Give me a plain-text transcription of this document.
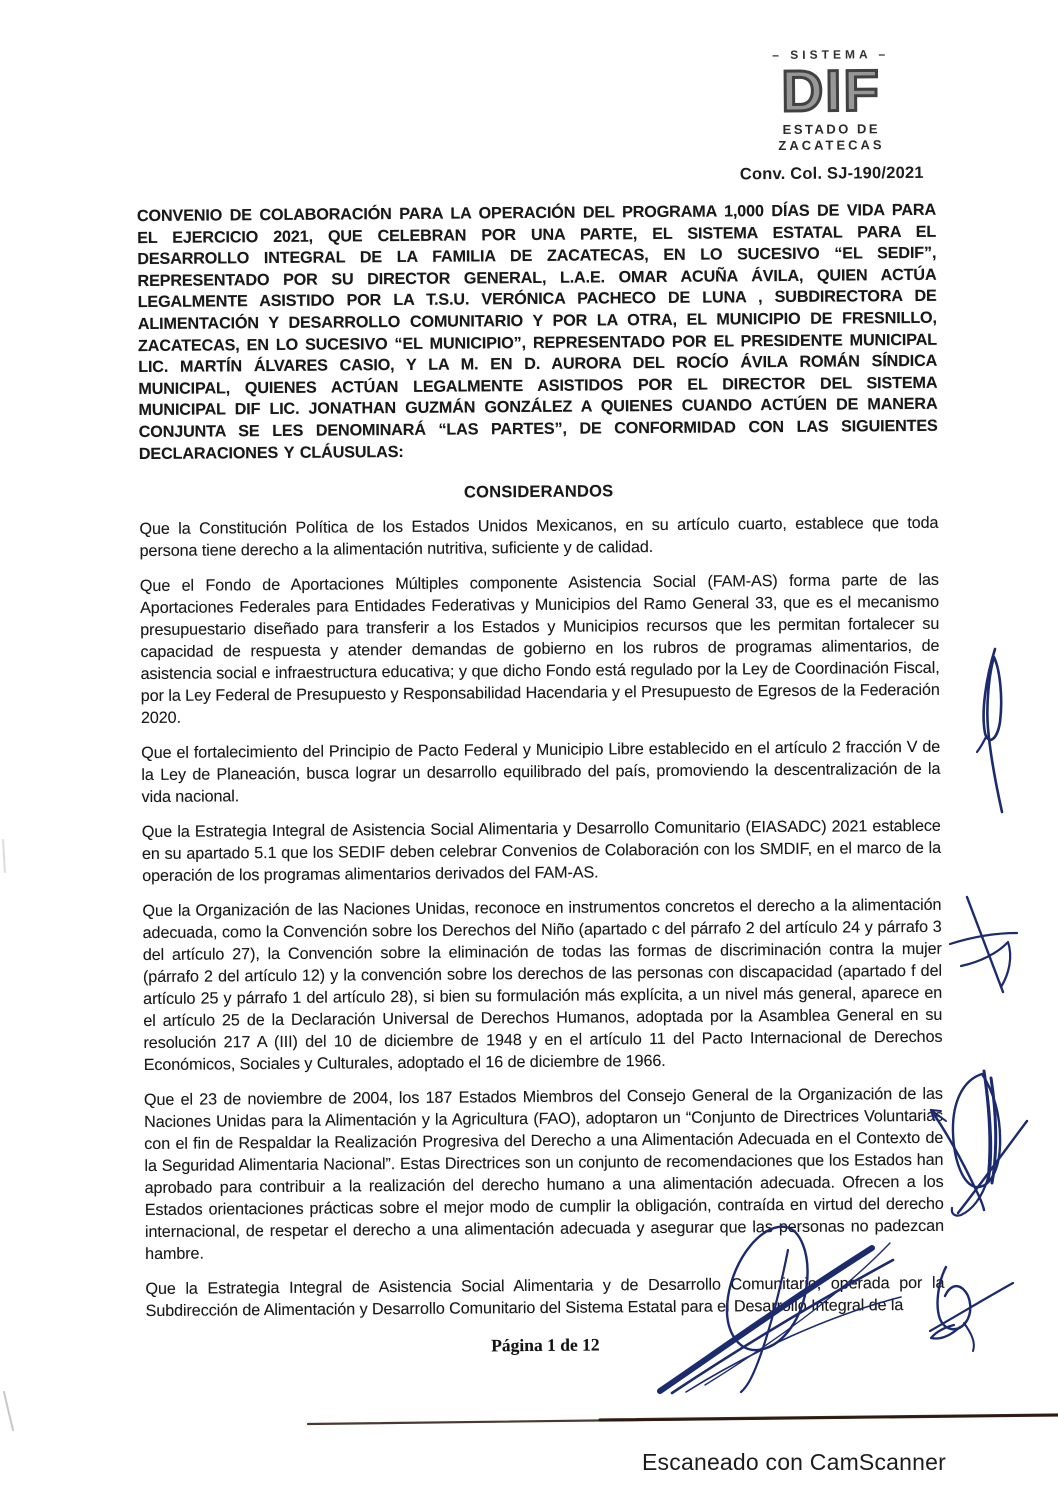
– SISTEMA –
DIF
ESTADO DE
ZACATECAS
Conv. Col. SJ-190/2021

CONVENIO DE COLABORACIÓN PARA LA OPERACIÓN DEL PROGRAMA 1,000 DÍAS DE VIDA PARA EL EJERCICIO 2021, QUE CELEBRAN POR UNA PARTE, EL SISTEMA ESTATAL PARA EL DESARROLLO INTEGRAL DE LA FAMILIA DE ZACATECAS, EN LO SUCESIVO “EL SEDIF”, REPRESENTADO POR SU DIRECTOR GENERAL, L.A.E. OMAR ACUÑA ÁVILA, QUIEN ACTÚA LEGALMENTE ASISTIDO POR LA T.S.U. VERÓNICA PACHECO DE LUNA , SUBDIRECTORA DE ALIMENTACIÓN Y DESARROLLO COMUNITARIO Y POR LA OTRA, EL MUNICIPIO DE FRESNILLO, ZACATECAS, EN LO SUCESIVO “EL MUNICIPIO”, REPRESENTADO POR EL PRESIDENTE MUNICIPAL LIC. MARTÍN ÁLVARES CASIO, Y LA M. EN D. AURORA DEL ROCÍO ÁVILA ROMÁN SÍNDICA MUNICIPAL, QUIENES ACTÚAN LEGALMENTE ASISTIDOS POR EL DIRECTOR DEL SISTEMA MUNICIPAL DIF LIC. JONATHAN GUZMÁN GONZÁLEZ A QUIENES CUANDO ACTÚEN DE MANERA CONJUNTA SE LES DENOMINARÁ “LAS PARTES”, DE CONFORMIDAD CON LAS SIGUIENTES DECLARACIONES Y CLÁUSULAS:

CONSIDERANDOS

Que la Constitución Política de los Estados Unidos Mexicanos, en su artículo cuarto, establece que toda persona tiene derecho a la alimentación nutritiva, suficiente y de calidad.

Que el Fondo de Aportaciones Múltiples componente Asistencia Social (FAM-AS) forma parte de las Aportaciones Federales para Entidades Federativas y Municipios del Ramo General 33, que es el mecanismo presupuestario diseñado para transferir a los Estados y Municipios recursos que les permitan fortalecer su capacidad de respuesta y atender demandas de gobierno en los rubros de programas alimentarios, de asistencia social e infraestructura educativa; y que dicho Fondo está regulado por la Ley de Coordinación Fiscal, por la Ley Federal de Presupuesto y Responsabilidad Hacendaria y el Presupuesto de Egresos de la Federación 2020.

Que el fortalecimiento del Principio de Pacto Federal y Municipio Libre establecido en el artículo 2 fracción V de la Ley de Planeación, busca lograr un desarrollo equilibrado del país, promoviendo la descentralización de la vida nacional.

Que la Estrategia Integral de Asistencia Social Alimentaria y Desarrollo Comunitario (EIASADC) 2021 establece en su apartado 5.1 que los SEDIF deben celebrar Convenios de Colaboración con los SMDIF, en el marco de la operación de los programas alimentarios derivados del FAM-AS.

Que la Organización de las Naciones Unidas, reconoce en instrumentos concretos el derecho a la alimentación adecuada, como la Convención sobre los Derechos del Niño (apartado c del párrafo 2 del artículo 24 y párrafo 3 del artículo 27), la Convención sobre la eliminación de todas las formas de discriminación contra la mujer (párrafo 2 del artículo 12) y la convención sobre los derechos de las personas con discapacidad (apartado f del artículo 25 y párrafo 1 del artículo 28), si bien su formulación más explícita, a un nivel más general, aparece en el artículo 25 de la Declaración Universal de Derechos Humanos, adoptada por la Asamblea General en su resolución 217 A (III) del 10 de diciembre de 1948 y en el artículo 11 del Pacto Internacional de Derechos Económicos, Sociales y Culturales, adoptado el 16 de diciembre de 1966.

Que el 23 de noviembre de 2004, los 187 Estados Miembros del Consejo General de la Organización de las Naciones Unidas para la Alimentación y la Agricultura (FAO), adoptaron un “Conjunto de Directrices Voluntarias con el fin de Respaldar la Realización Progresiva del Derecho a una Alimentación Adecuada en el Contexto de la Seguridad Alimentaria Nacional”. Estas Directrices son un conjunto de recomendaciones que los Estados han aprobado para contribuir a la realización del derecho humano a una alimentación adecuada. Ofrecen a los Estados orientaciones prácticas sobre el mejor modo de cumplir la obligación, contraída en virtud del derecho internacional, de respetar el derecho a una alimentación adecuada y asegurar que las personas no padezcan hambre.

Que la Estrategia Integral de Asistencia Social Alimentaria y de Desarrollo Comunitario, operada por la Subdirección de Alimentación y Desarrollo Comunitario del Sistema Estatal para el Desarrollo Integral de la

Página 1 de 12
Escaneado con CamScanner
